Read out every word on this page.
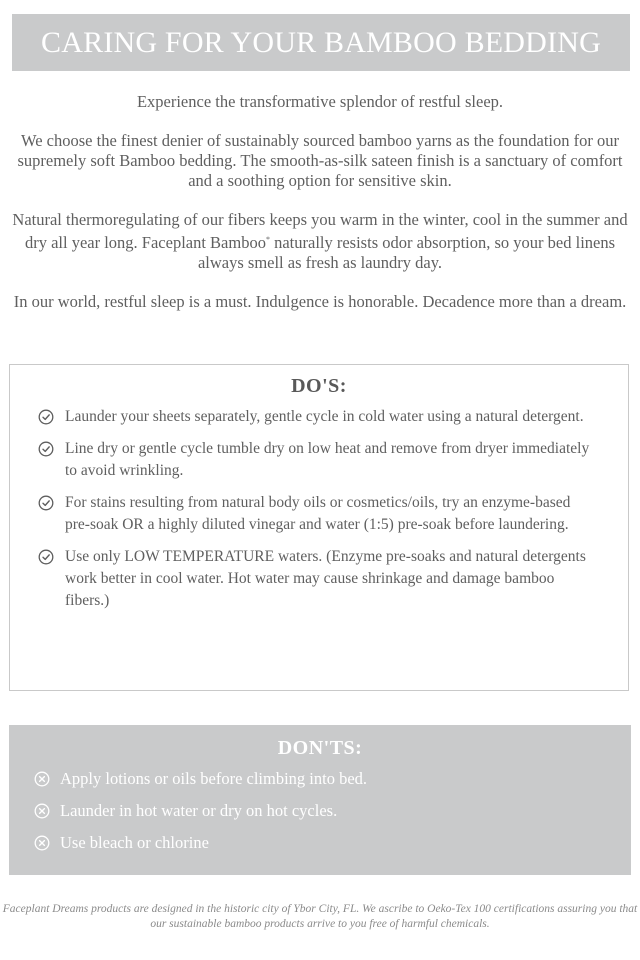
CARING FOR YOUR BAMBOO BEDDING

Experience the transformative splendor of restful sleep.

We choose the finest denier of sustainably sourced bamboo yarns as the foundation for our supremely soft Bamboo bedding. The smooth-as-silk sateen finish is a sanctuary of comfort and a soothing option for sensitive skin.

Natural thermoregulating of our fibers keeps you warm in the winter, cool in the summer and dry all year long. Faceplant Bamboo* naturally resists odor absorption, so your bed linens always smell as fresh as laundry day.

In our world, restful sleep is a must. Indulgence is honorable. Decadence more than a dream.

DO'S:
Launder your sheets separately, gentle cycle in cold water using a natural detergent.
Line dry or gentle cycle tumble dry on low heat and remove from dryer immediately to avoid wrinkling.
For stains resulting from natural body oils or cosmetics/oils, try an enzyme-based pre-soak OR a highly diluted vinegar and water (1:5) pre-soak before laundering.
Use only LOW TEMPERATURE waters. (Enzyme pre-soaks and natural detergents work better in cool water. Hot water may cause shrinkage and damage bamboo fibers.)
DON'TS:
Apply lotions or oils before climbing into bed.
Launder in hot water or dry on hot cycles.
Use bleach or chlorine
Faceplant Dreams products are designed in the historic city of Ybor City, FL. We ascribe to Oeko-Tex 100 certifications assuring you that our sustainable bamboo products arrive to you free of harmful chemicals.
